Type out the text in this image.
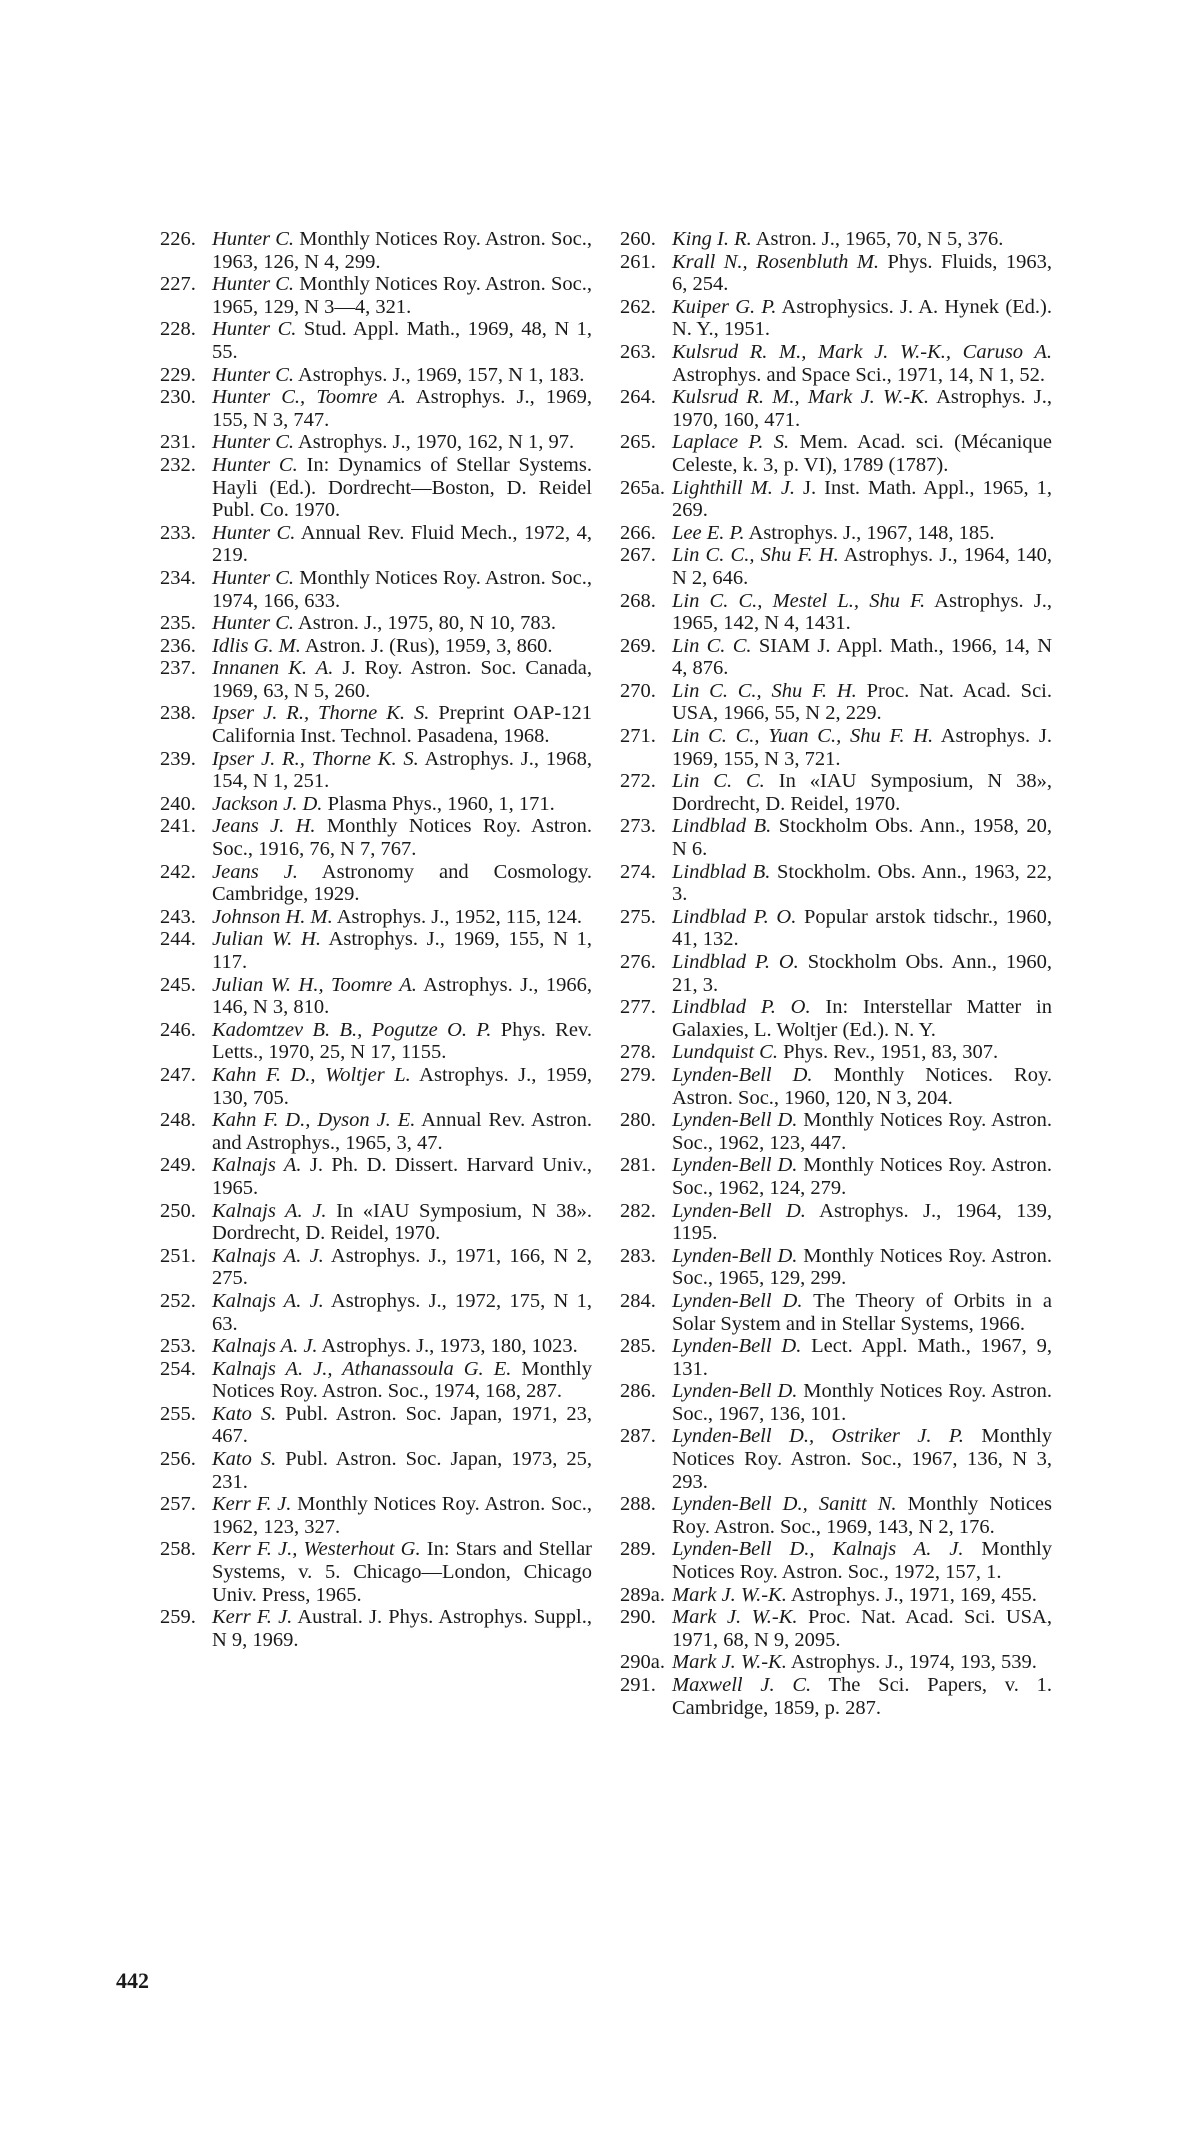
226. Hunter C. Monthly Notices Roy. Astron. Soc., 1963, 126, N 4, 299.
227. Hunter C. Monthly Notices Roy. Astron. Soc., 1965, 129, N 3—4, 321.
228. Hunter C. Stud. Appl. Math., 1969, 48, N 1, 55.
229. Hunter C. Astrophys. J., 1969, 157, N 1, 183.
230. Hunter C., Toomre A. Astrophys. J., 1969, 155, N 3, 747.
231. Hunter C. Astrophys. J., 1970, 162, N 1, 97.
232. Hunter C. In: Dynamics of Stellar Systems. Hayli (Ed.). Dordrecht—Boston, D. Reidel Publ. Co. 1970.
233. Hunter C. Annual Rev. Fluid Mech., 1972, 4, 219.
234. Hunter C. Monthly Notices Roy. Astron. Soc., 1974, 166, 633.
235. Hunter C. Astron. J., 1975, 80, N 10, 783.
236. Idlis G. M. Astron. J. (Rus), 1959, 3, 860.
237. Innanen K. A. J. Roy. Astron. Soc. Canada, 1969, 63, N 5, 260.
238. Ipser J. R., Thorne K. S. Preprint OAP-121 California Inst. Technol. Pasadena, 1968.
239. Ipser J. R., Thorne K. S. Astrophys. J., 1968, 154, N 1, 251.
240. Jackson J. D. Plasma Phys., 1960, 1, 171.
241. Jeans J. H. Monthly Notices Roy. Astron. Soc., 1916, 76, N 7, 767.
242. Jeans J. Astronomy and Cosmology. Cambridge, 1929.
243. Johnson H. M. Astrophys. J., 1952, 115, 124.
244. Julian W. H. Astrophys. J., 1969, 155, N 1, 117.
245. Julian W. H., Toomre A. Astrophys. J., 1966, 146, N 3, 810.
246. Kadomtzev B. B., Pogutze O. P. Phys. Rev. Letts., 1970, 25, N 17, 1155.
247. Kahn F. D., Woltjer L. Astrophys. J., 1959, 130, 705.
248. Kahn F. D., Dyson J. E. Annual Rev. Astron. and Astrophys., 1965, 3, 47.
249. Kalnajs A. J. Ph. D. Dissert. Harvard Univ., 1965.
250. Kalnajs A. J. In «IAU Symposium, N 38». Dordrecht, D. Reidel, 1970.
251. Kalnajs A. J. Astrophys. J., 1971, 166, N 2, 275.
252. Kalnajs A. J. Astrophys. J., 1972, 175, N 1, 63.
253. Kalnajs A. J. Astrophys. J., 1973, 180, 1023.
254. Kalnajs A. J., Athanassoula G. E. Monthly Notices Roy. Astron. Soc., 1974, 168, 287.
255. Kato S. Publ. Astron. Soc. Japan, 1971, 23, 467.
256. Kato S. Publ. Astron. Soc. Japan, 1973, 25, 231.
257. Kerr F. J. Monthly Notices Roy. Astron. Soc., 1962, 123, 327.
258. Kerr F. J., Westerhout G. In: Stars and Stellar Systems, v. 5. Chicago—London, Chicago Univ. Press, 1965.
259. Kerr F. J. Austral. J. Phys. Astrophys. Suppl., N 9, 1969.
260. King I. R. Astron. J., 1965, 70, N 5, 376.
261. Krall N., Rosenbluth M. Phys. Fluids, 1963, 6, 254.
262. Kuiper G. P. Astrophysics. J. A. Hynek (Ed.). N. Y., 1951.
263. Kulsrud R. M., Mark J. W.-K., Caruso A. Astrophys. and Space Sci., 1971, 14, N 1, 52.
264. Kulsrud R. M., Mark J. W.-K. Astrophys. J., 1970, 160, 471.
265. Laplace P. S. Mem. Acad. sci. (Mécanique Celeste, k. 3, p. VI), 1789 (1787).
265a. Lighthill M. J. J. Inst. Math. Appl., 1965, 1, 269.
266. Lee E. P. Astrophys. J., 1967, 148, 185.
267. Lin C. C., Shu F. H. Astrophys. J., 1964, 140, N 2, 646.
268. Lin C. C., Mestel L., Shu F. Astrophys. J., 1965, 142, N 4, 1431.
269. Lin C. C. SIAM J. Appl. Math., 1966, 14, N 4, 876.
270. Lin C. C., Shu F. H. Proc. Nat. Acad. Sci. USA, 1966, 55, N 2, 229.
271. Lin C. C., Yuan C., Shu F. H. Astrophys. J. 1969, 155, N 3, 721.
272. Lin C. C. In «IAU Symposium, N 38», Dordrecht, D. Reidel, 1970.
273. Lindblad B. Stockholm Obs. Ann., 1958, 20, N 6.
274. Lindblad B. Stockholm. Obs. Ann., 1963, 22, 3.
275. Lindblad P. O. Popular arstok tidschr., 1960, 41, 132.
276. Lindblad P. O. Stockholm Obs. Ann., 1960, 21, 3.
277. Lindblad P. O. In: Interstellar Matter in Galaxies, L. Woltjer (Ed.). N. Y.
278. Lundquist C. Phys. Rev., 1951, 83, 307.
279. Lynden-Bell D. Monthly Notices. Roy. Astron. Soc., 1960, 120, N 3, 204.
280. Lynden-Bell D. Monthly Notices Roy. Astron. Soc., 1962, 123, 447.
281. Lynden-Bell D. Monthly Notices Roy. Astron. Soc., 1962, 124, 279.
282. Lynden-Bell D. Astrophys. J., 1964, 139, 1195.
283. Lynden-Bell D. Monthly Notices Roy. Astron. Soc., 1965, 129, 299.
284. Lynden-Bell D. The Theory of Orbits in a Solar System and in Stellar Systems, 1966.
285. Lynden-Bell D. Lect. Appl. Math., 1967, 9, 131.
286. Lynden-Bell D. Monthly Notices Roy. Astron. Soc., 1967, 136, 101.
287. Lynden-Bell D., Ostriker J. P. Monthly Notices Roy. Astron. Soc., 1967, 136, N 3, 293.
288. Lynden-Bell D., Sanitt N. Monthly Notices Roy. Astron. Soc., 1969, 143, N 2, 176.
289. Lynden-Bell D., Kalnajs A. J. Monthly Notices Roy. Astron. Soc., 1972, 157, 1.
289a. Mark J. W.-K. Astrophys. J., 1971, 169, 455.
290. Mark J. W.-K. Proc. Nat. Acad. Sci. USA, 1971, 68, N 9, 2095.
290a. Mark J. W.-K. Astrophys. J., 1974, 193, 539.
291. Maxwell J. C. The Sci. Papers, v. 1. Cambridge, 1859, p. 287.
442
